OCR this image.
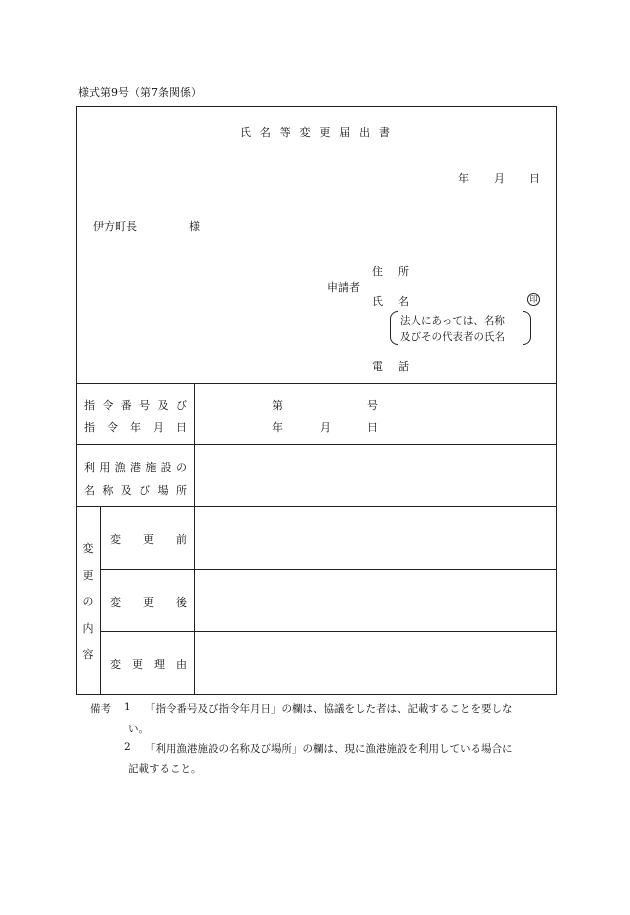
様式第9号（第7条関係）
氏 名 等 変 更 届 出 書
年 月 日
伊方町長	様
申請者
住 所
氏 名	印
法人にあっては、名称
及びその代表者の氏名
電 話
指 令 番 号 及 び
指 令 年 月 日
第	号
年	月	日
利 用 漁 港 施 設 の
名 称 及 び 場 所
変
更
の
内
容
変 更 前
変 更 後
変 更 理 由
備考 1 「指令番号及び指令年月日」の欄は、協議をした者は、記載することを要しな
い。
2 「利用漁港施設の名称及び場所」の欄は、現に漁港施設を利用している場合に
記載すること。
